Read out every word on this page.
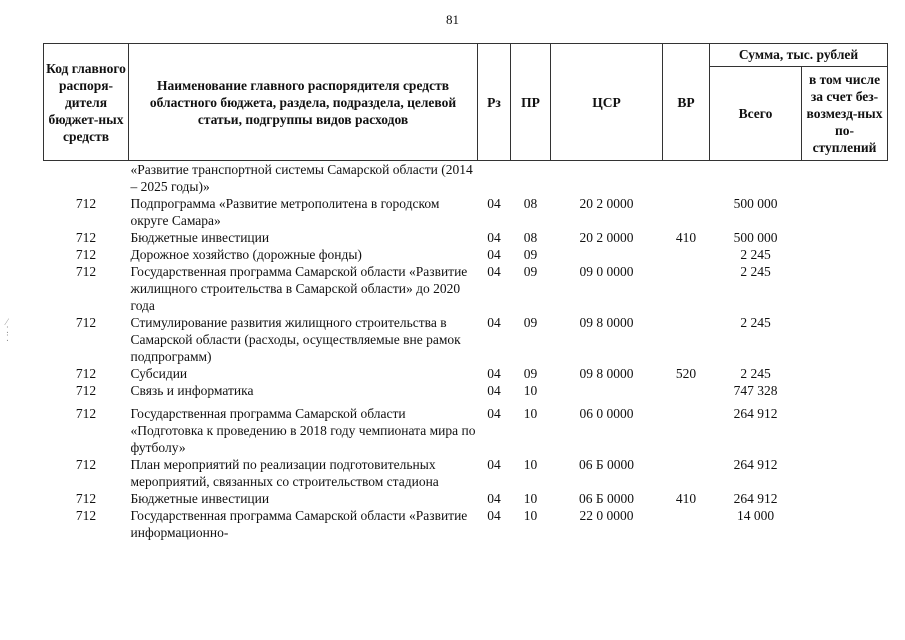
81
Код главного распоря-дителя бюджет-ных средств	Наименование главного распорядителя средств областного бюджета, раздела, подраздела, целевой статьи, подгруппы видов расходов	Рз	ПР	ЦСР	ВР	Сумма, тыс. рублей	
						Всего	в том числе за счет без-возмезд-ных по-ступлений
	«Развитие транспортной системы Самарской области (2014 – 2025 годы)»						
712	Подпрограмма «Развитие метрополитена в городском округе Самара»	04	08	20 2 0000		500 000	
712	Бюджетные инвестиции	04	08	20 2 0000	410	500 000	
712	Дорожное хозяйство (дорожные фонды)	04	09			2 245	
712	Государственная программа Самарской области «Развитие жилищного строительства в Самарской области» до 2020 года	04	09	09 0 0000		2 245	
712	Стимулирование развития жилищного строительства в Самарской области (расходы, осуществляемые вне рамок подпрограмм)	04	09	09 8 0000		2 245	
712	Субсидии	04	09	09 8 0000	520	2 245	
712	Связь и информатика	04	10			747 328	

712	Государственная программа Самарской области «Подготовка к проведению в 2018 году чемпионата мира по футболу»	04	10	06 0 0000		264 912	
712	План мероприятий по реализации подготовительных мероприятий, связанных со строительством стадиона	04	10	06 Б 0000		264 912	
712	Бюджетные инвестиции	04	10	06 Б 0000	410	264 912	
712	Государственная программа Самарской области «Развитие информационно-	04	10	22 0 0000		14 000	
⁄
⁚
⁚
